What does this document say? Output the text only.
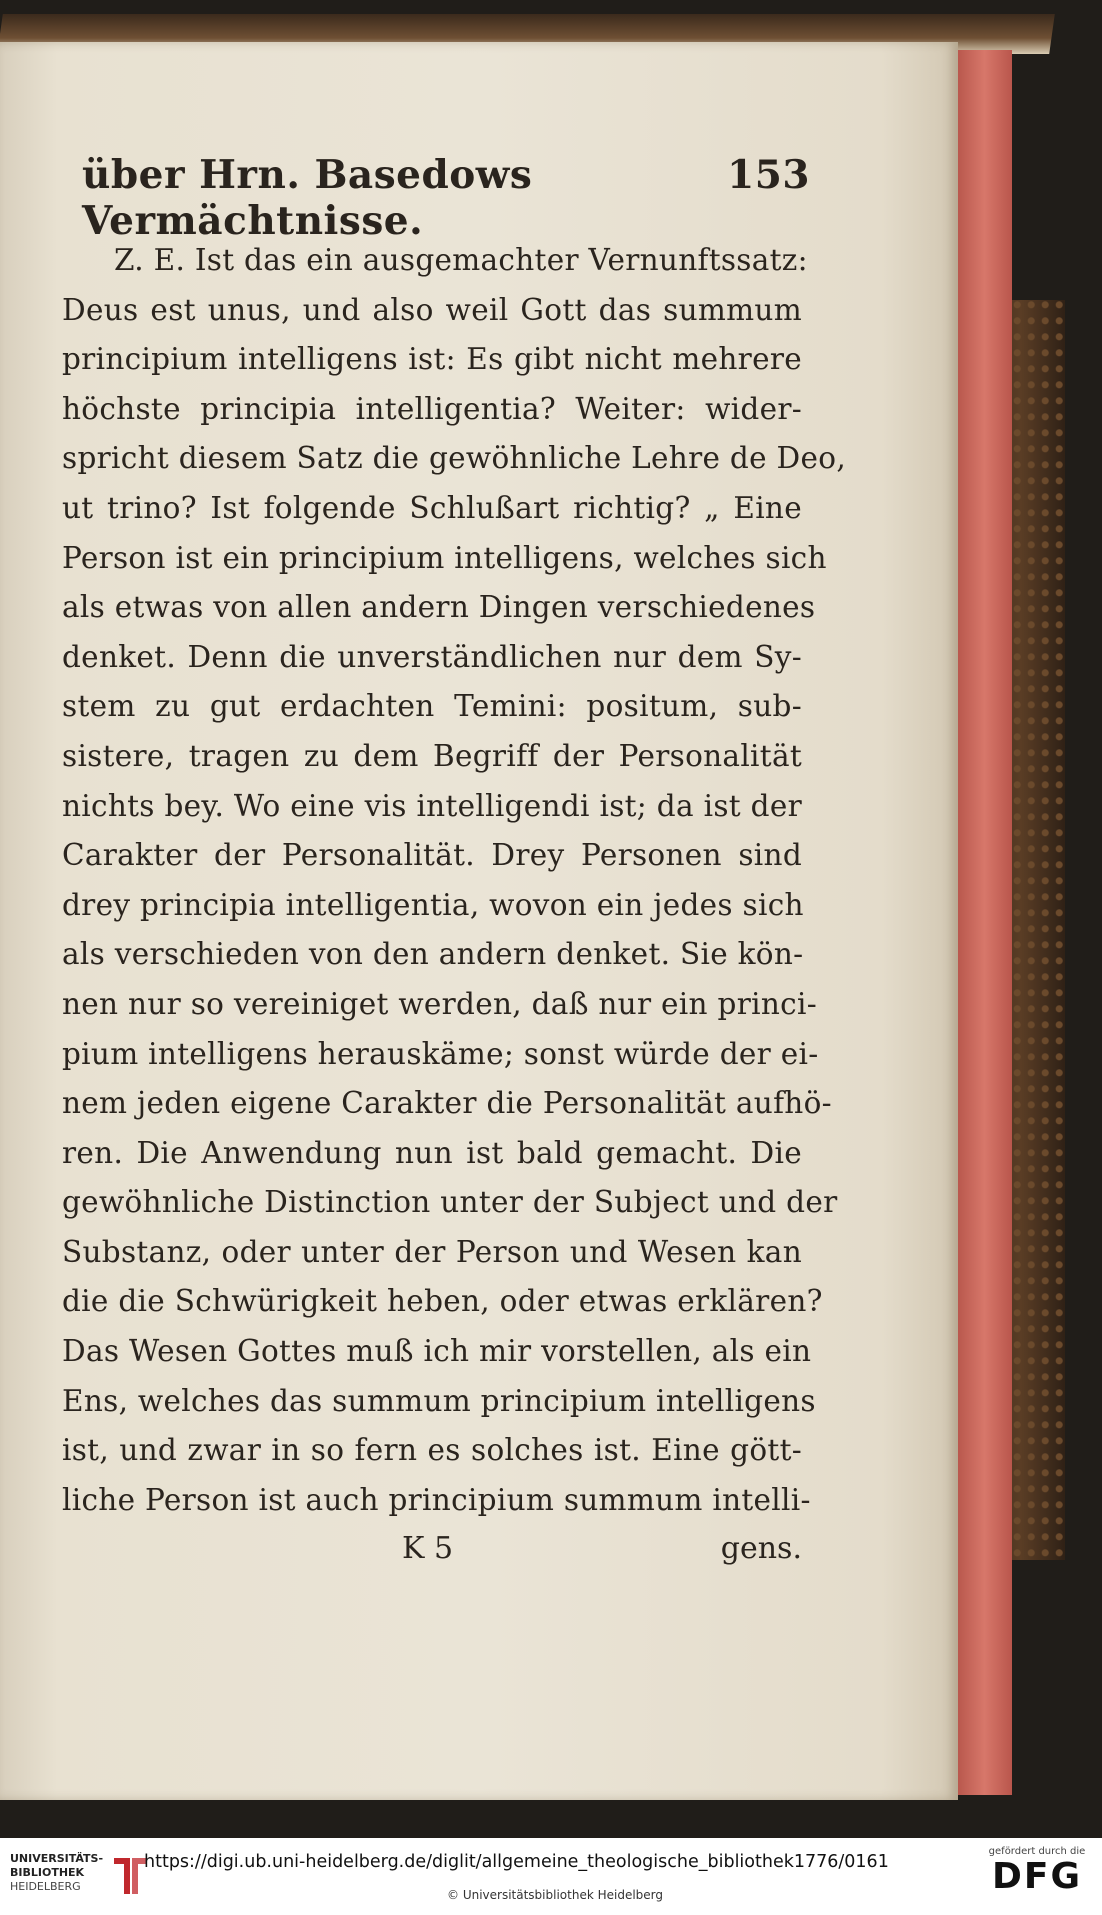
über Hrn. Basedows Vermächtnisse.
153
Z. E. Ist das ein ausgemachter Vernunftssatz:
Deus est unus, und also weil Gott das summum
principium intelligens ist: Es gibt nicht mehrere
höchste principia intelligentia? Weiter: wider-
spricht diesem Satz die gewöhnliche Lehre de Deo,
ut trino? Ist folgende Schlußart richtig? „ Eine
Person ist ein principium intelligens, welches sich
als etwas von allen andern Dingen verschiedenes
denket. Denn die unverständlichen nur dem Sy-
stem zu gut erdachten Temini: positum, sub-
sistere, tragen zu dem Begriff der Personalität
nichts bey. Wo eine vis intelligendi ist; da ist der
Carakter der Personalität. Drey Personen sind
drey principia intelligentia, wovon ein jedes sich
als verschieden von den andern denket. Sie kön-
nen nur so vereiniget werden, daß nur ein princi-
pium intelligens herauskäme; sonst würde der ei-
nem jeden eigene Carakter die Personalität aufhö-
ren. Die Anwendung nun ist bald gemacht. Die
gewöhnliche Distinction unter der Subject und der
Substanz, oder unter der Person und Wesen kan
die die Schwürigkeit heben, oder etwas erklären?
Das Wesen Gottes muß ich mir vorstellen, als ein
Ens, welches das summum principium intelligens
ist, und zwar in so fern es solches ist. Eine gött-
liche Person ist auch principium summum intelli-
K 5	gens.
UNIVERSITÄTS-
BIBLIOTHEK
HEIDELBERG
https://digi.ub.uni-heidelberg.de/diglit/allgemeine_theologische_bibliothek1776/0161
© Universitätsbibliothek Heidelberg
gefördert durch die
DFG
